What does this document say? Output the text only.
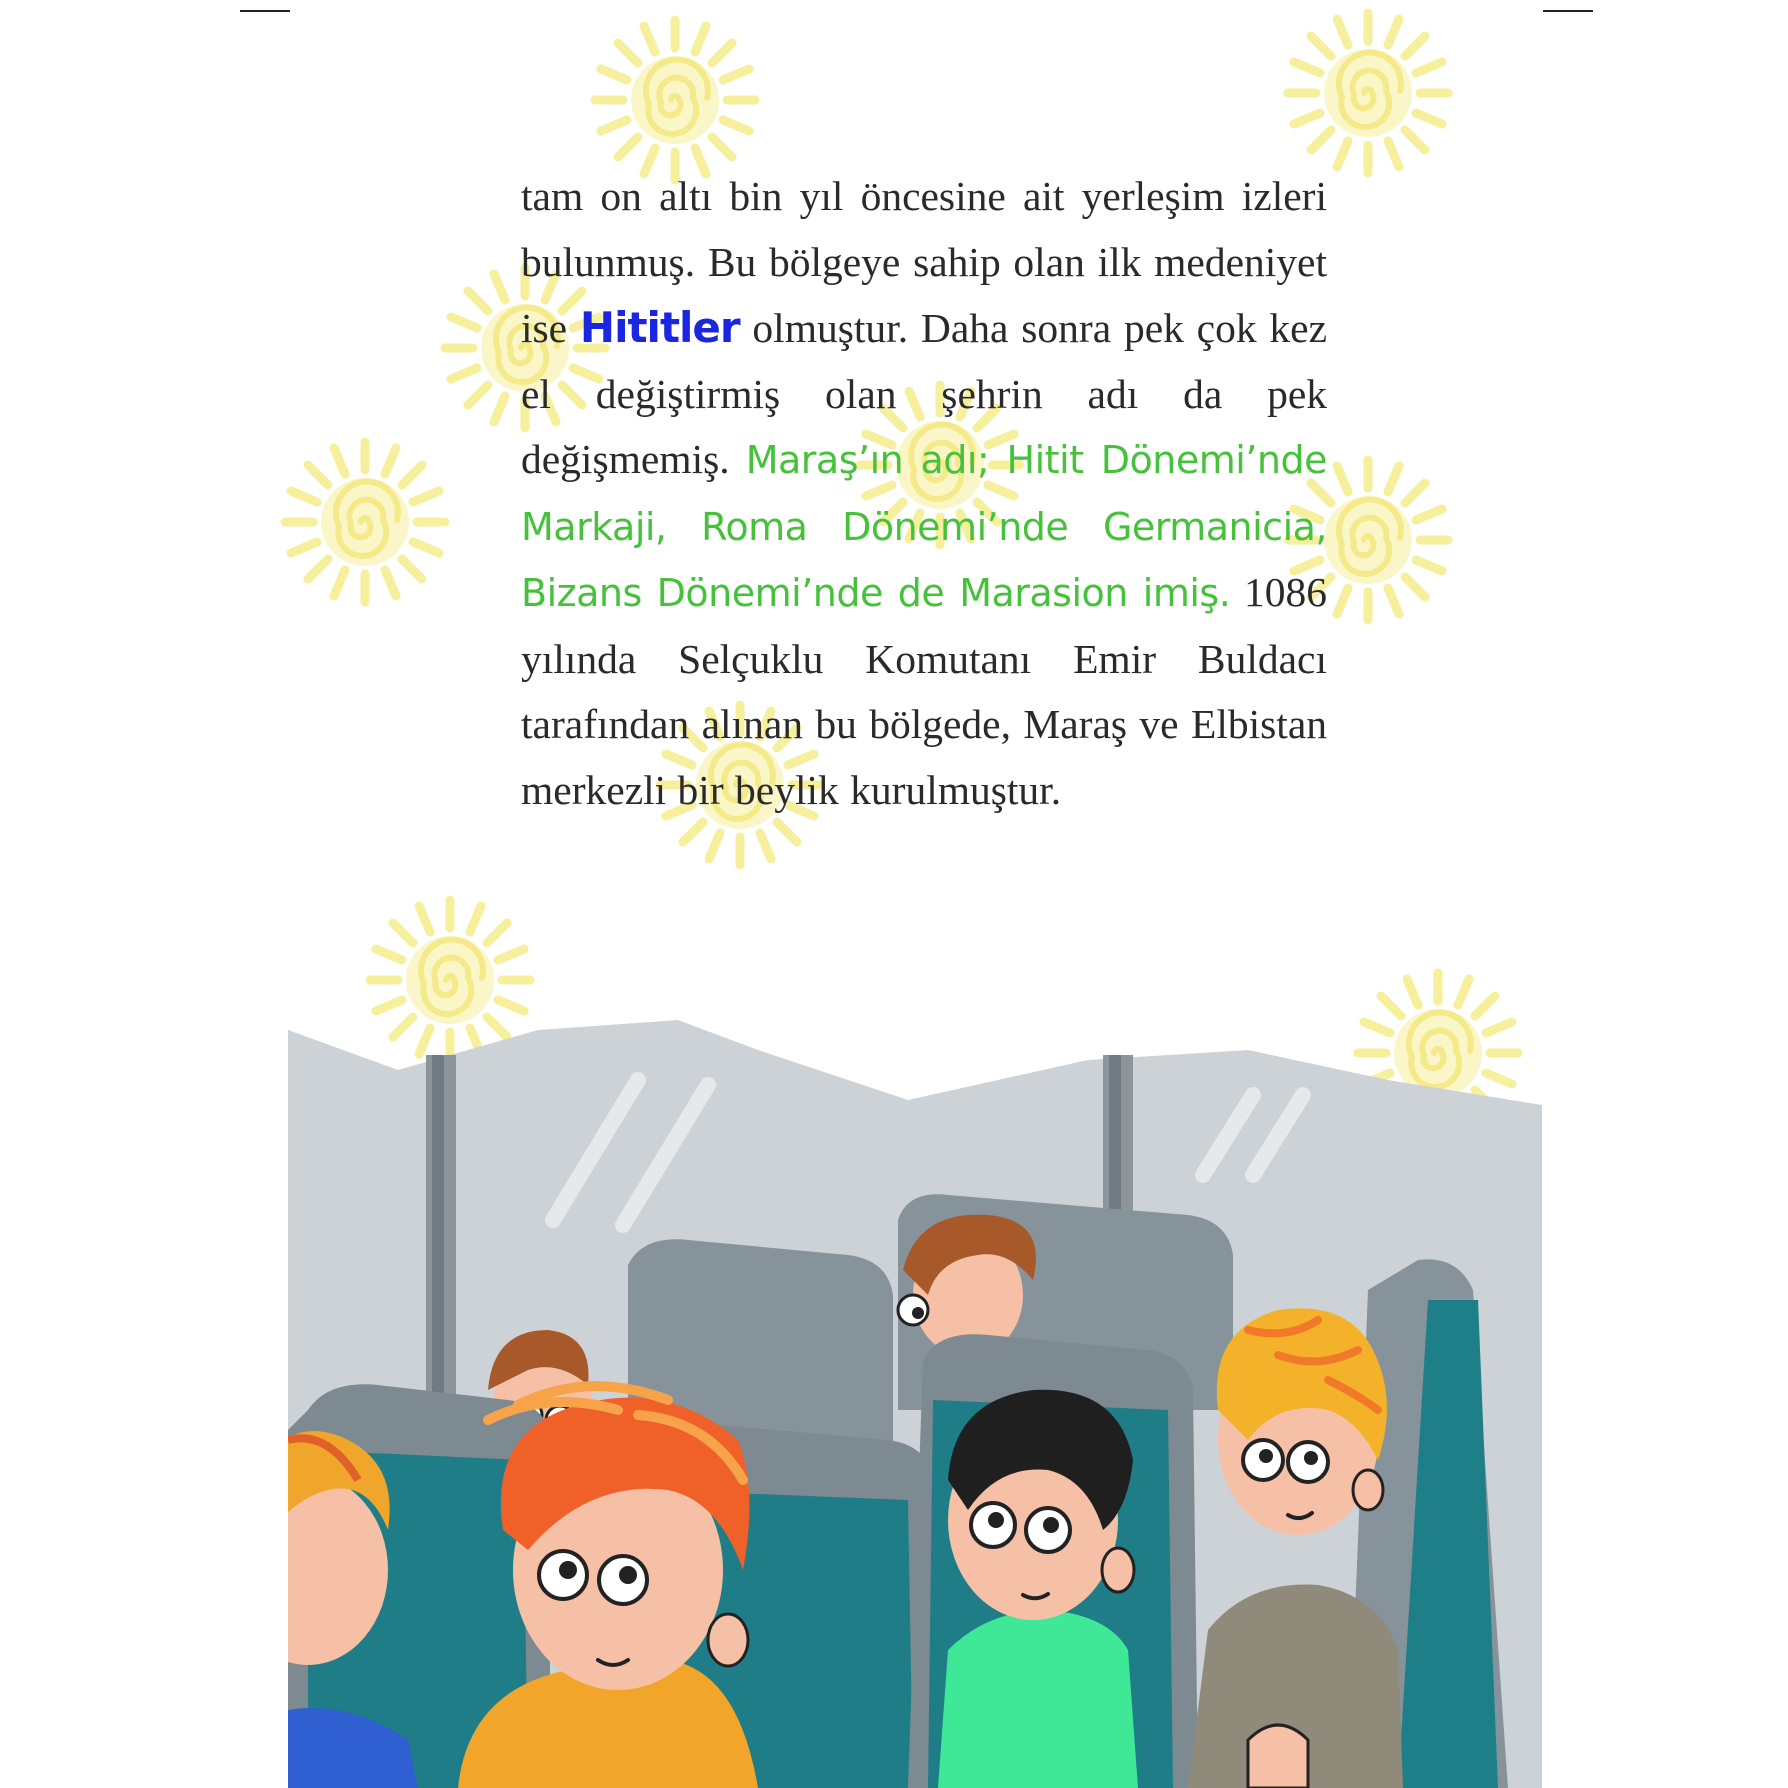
tam on altı bin yıl öncesine ait yerleşim izleri bulunmuş. Bu bölgeye sahip olan ilk medeniyet ise Hititler olmuştur. Daha sonra pek çok kez el değiştirmiş olan şehrin adı da pek değişmemiş. Maraş’ın adı; Hitit Dönemi’nde Markaji, Roma Dönemi’nde Germanicia, Bizans Dönemi’nde de Marasion imiş. 1086 yılında Selçuklu Komutanı Emir Buldacı tarafından alınan bu bölgede, Maraş ve Elbistan merkezli bir beylik kurulmuştur.
